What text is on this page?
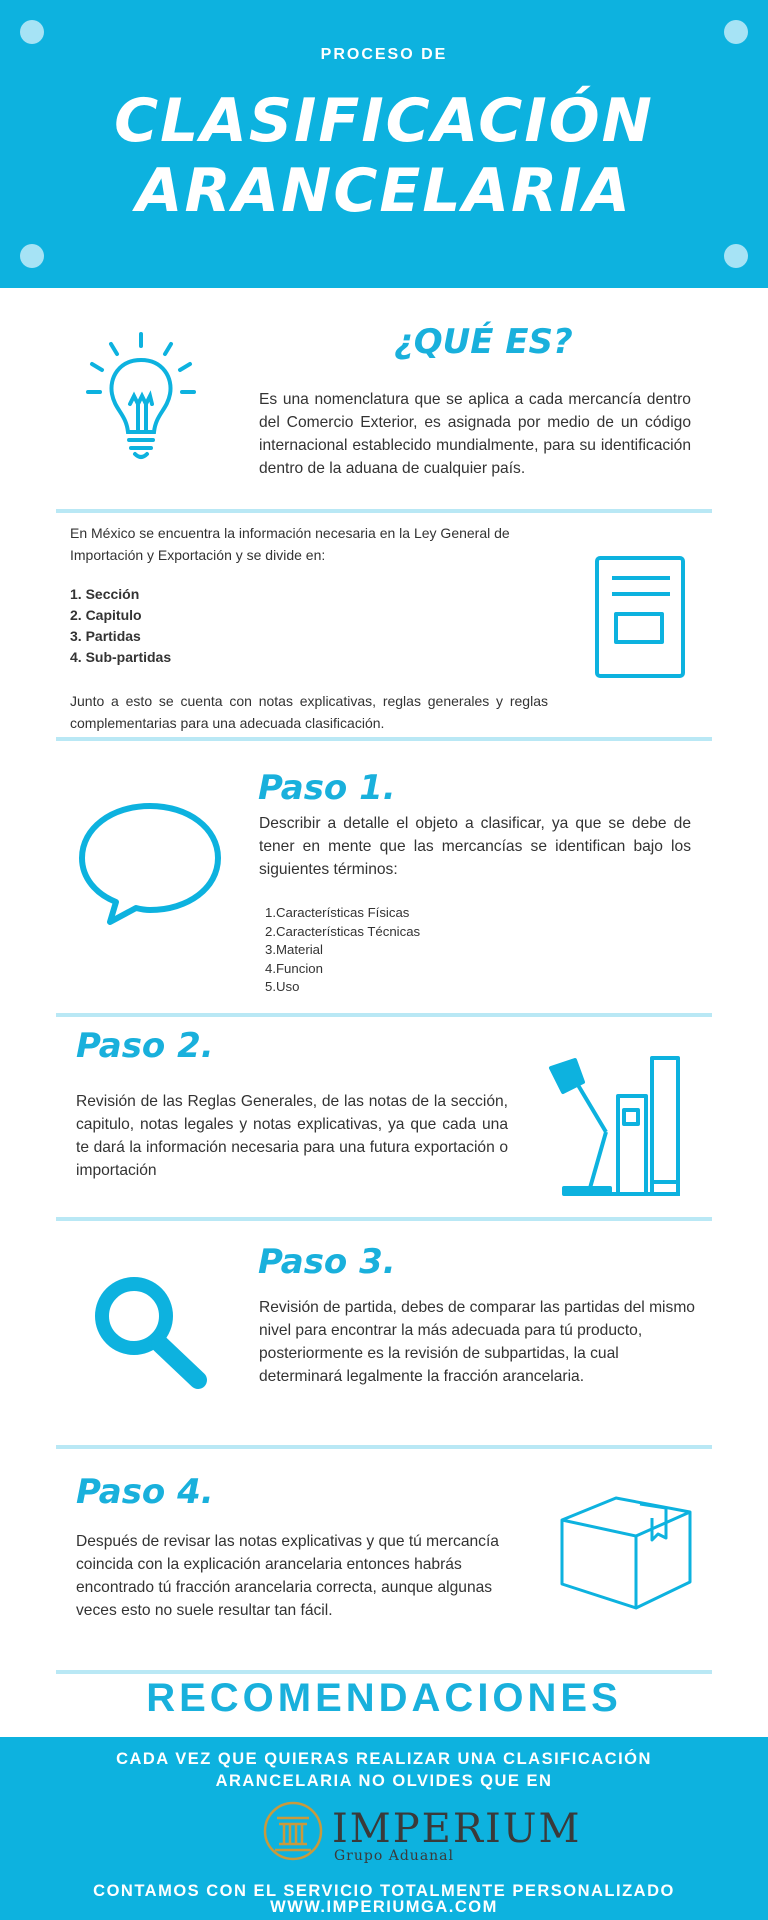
PROCESO DE
CLASIFICACIÓN
ARANCELARIA
¿QUÉ ES?
Es una nomenclatura que se aplica a cada mercancía dentro del Comercio Exterior, es asignada por medio de un código internacional establecido mundialmente, para su identificación dentro de la aduana de cualquier país.
En México se encuentra la información necesaria en la Ley General de Importación y Exportación y se divide en:
1. Sección
2. Capitulo
3. Partidas
4. Sub-partidas
Junto a esto se cuenta con notas explicativas, reglas generales y reglas complementarias para una adecuada clasificación.
Paso 1.
Describir a detalle el objeto a clasificar, ya que se debe de tener en mente que las mercancías se identifican bajo los siguientes términos:
1.Características Físicas
2.Características Técnicas
3.Material
4.Funcion
5.Uso
Paso 2.
Revisión de las Reglas Generales, de las notas de la sección, capitulo, notas legales y notas explicativas, ya que cada una te dará la información necesaria para una futura exportación o importación
Paso 3.
Revisión de partida, debes de comparar las partidas del mismo nivel para encontrar la más adecuada para tú producto, posteriormente es la revisión de subpartidas, la cual determinará legalmente la fracción arancelaria.
Paso 4.
Después de revisar las notas explicativas y que tú mercancía coincida con la explicación arancelaria entonces habrás encontrado tú fracción arancelaria correcta, aunque algunas veces esto no suele resultar tan fácil.
RECOMENDACIONES
CADA VEZ QUE QUIERAS REALIZAR UNA CLASIFICACIÓN
ARANCELARIA NO OLVIDES QUE EN
IMPERIUM
Grupo Aduanal
CONTAMOS CON EL SERVICIO TOTALMENTE PERSONALIZADO
WWW.IMPERIUMGA.COM
